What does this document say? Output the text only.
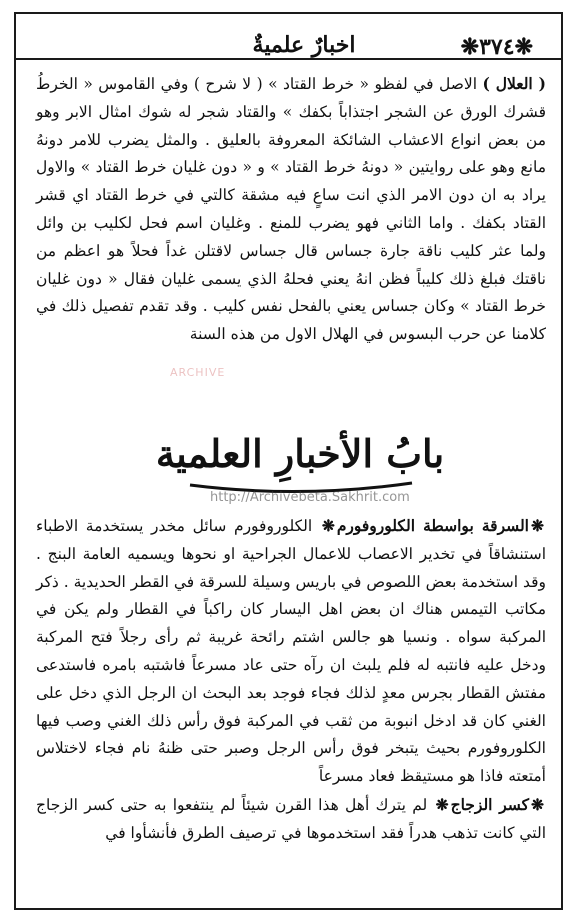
❋٣٧٤❋
اخبارٌ علميةٌ
( العلال ) الاصل في لفظو « خرط القتاد » ( لا شرح ) وفي القاموس « الخرطُ قشرك الورق عن الشجر اجتذاباً بكفك » والقتاد شجر له شوك امثال الابر وهو من بعض انواع الاعشاب الشائكة المعروفة بالعليق . والمثل يضرب للامر دونهُ مانع وهو على روايتين « دونهُ خرط القتاد » و « دون غليان خرط القتاد » والاول يراد به ان دون الامر الذي انت ساعٍ فيه مشقة كالتي في خرط القتاد اي قشر القتاد بكفك . واما الثاني فهو يضرب للمنع . وغليان اسم فحل لكليب بن وائل ولما عثر كليب ناقة جارة جساس قال جساس لاقتلن غداً فحلاً هو اعظم من ناقتك فبلغ ذلك كليباً فظن انهُ يعني فحلهُ الذي يسمى غليان فقال « دون غليان خرط القتاد » وكان جساس يعني بالفحل نفس كليب . وقد تقدم تفصيل ذلك في كلامنا عن حرب البسوس في الهلال الاول من هذه السنة
ARCHIVE
بابُ الأخبارِ العلمية
http://Archivebeta.Sakhrit.com
❋السرقة بواسطة الكلوروفورم❋ الكلوروفورم سائل مخدر يستخدمة الاطباء استنشاقاً في تخدير الاعصاب للاعمال الجراحية او نحوها ويسميه العامة البنج . وقد استخدمة بعض اللصوص في باريس وسيلة للسرقة في القطر الحديدية . ذكر مكاتب التيمس هناك ان بعض اهل اليسار كان راكباً في القطار ولم يكن في المركبة سواه . ونسيا هو جالس اشتم رائحة غريبة ثم رأى رجلاً فتح المركبة ودخل عليه فانتبه له فلم يلبث ان رآه حتى عاد مسرعاً فاشتبه بامره فاستدعى مفتش القطار بجرس معدٍ لذلك فجاء فوجد بعد البحث ان الرجل الذي دخل على الغني كان قد ادخل انبوبة من ثقب في المركبة فوق رأس ذلك الغني وصب فيها الكلوروفورم بحيث يتبخر فوق رأس الرجل وصبر حتى ظنهُ نام فجاء لاختلاس أمتعته فاذا هو مستيقظ فعاد مسرعاً
❋كسر الزجاج❋ لم يترك أهل هذا القرن شيئاً لم ينتفعوا به حتى كسر الزجاج التي كانت تذهب هدراً فقد استخدموها في ترصيف الطرق فأنشأوا في
